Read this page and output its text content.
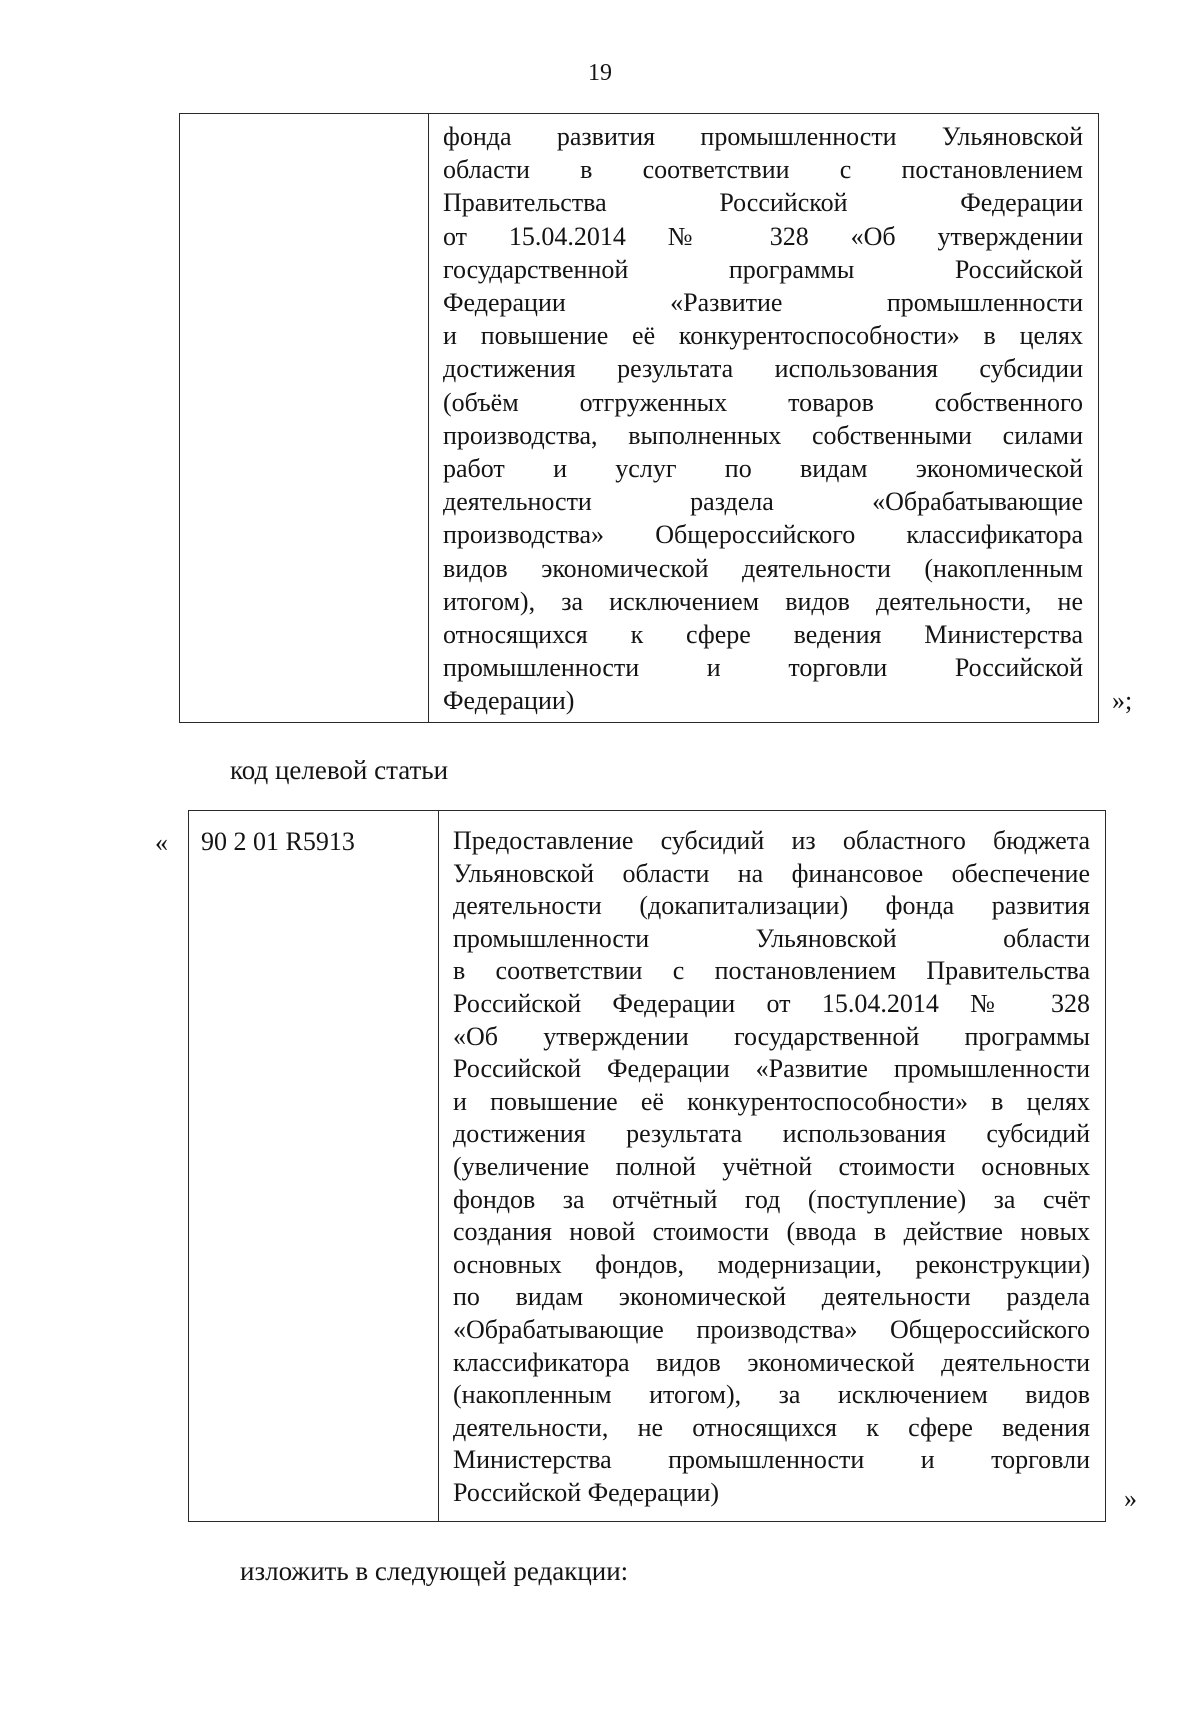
19
фонда развития промышленности Ульяновской
области в соответствии с постановлением
Правительства Российской Федерации
от 15.04.2014 № 328 «Об утверждении
государственной программы Российской
Федерации «Развитие промышленности
и повышение её конкурентоспособности» в целях
достижения результата использования субсидии
(объём отгруженных товаров собственного
производства, выполненных собственными силами
работ и услуг по видам экономической
деятельности раздела «Обрабатывающие
производства» Общероссийского классификатора
видов экономической деятельности (накопленным
итогом), за исключением видов деятельности, не
относящихся к сфере ведения Министерства
промышленности и торговли Российской
Федерации)	»;
код целевой статьи
«	90 2 01 R5913	Предоставление субсидий из областного бюджета
Ульяновской области на финансовое обеспечение
деятельности (докапитализации) фонда развития
промышленности Ульяновской области
в соответствии с постановлением Правительства
Российской Федерации от 15.04.2014 № 328
«Об утверждении государственной программы
Российской Федерации «Развитие промышленности
и повышение её конкурентоспособности» в целях
достижения результата использования субсидий
(увеличение полной учётной стоимости основных
фондов за отчётный год (поступление) за счёт
создания новой стоимости (ввода в действие новых
основных фондов, модернизации, реконструкции)
по видам экономической деятельности раздела
«Обрабатывающие производства» Общероссийского
классификатора видов экономической деятельности
(накопленным итогом), за исключением видов
деятельности, не относящихся к сфере ведения
Министерства промышленности и торговли
Российской Федерации)	»
изложить в следующей редакции:
